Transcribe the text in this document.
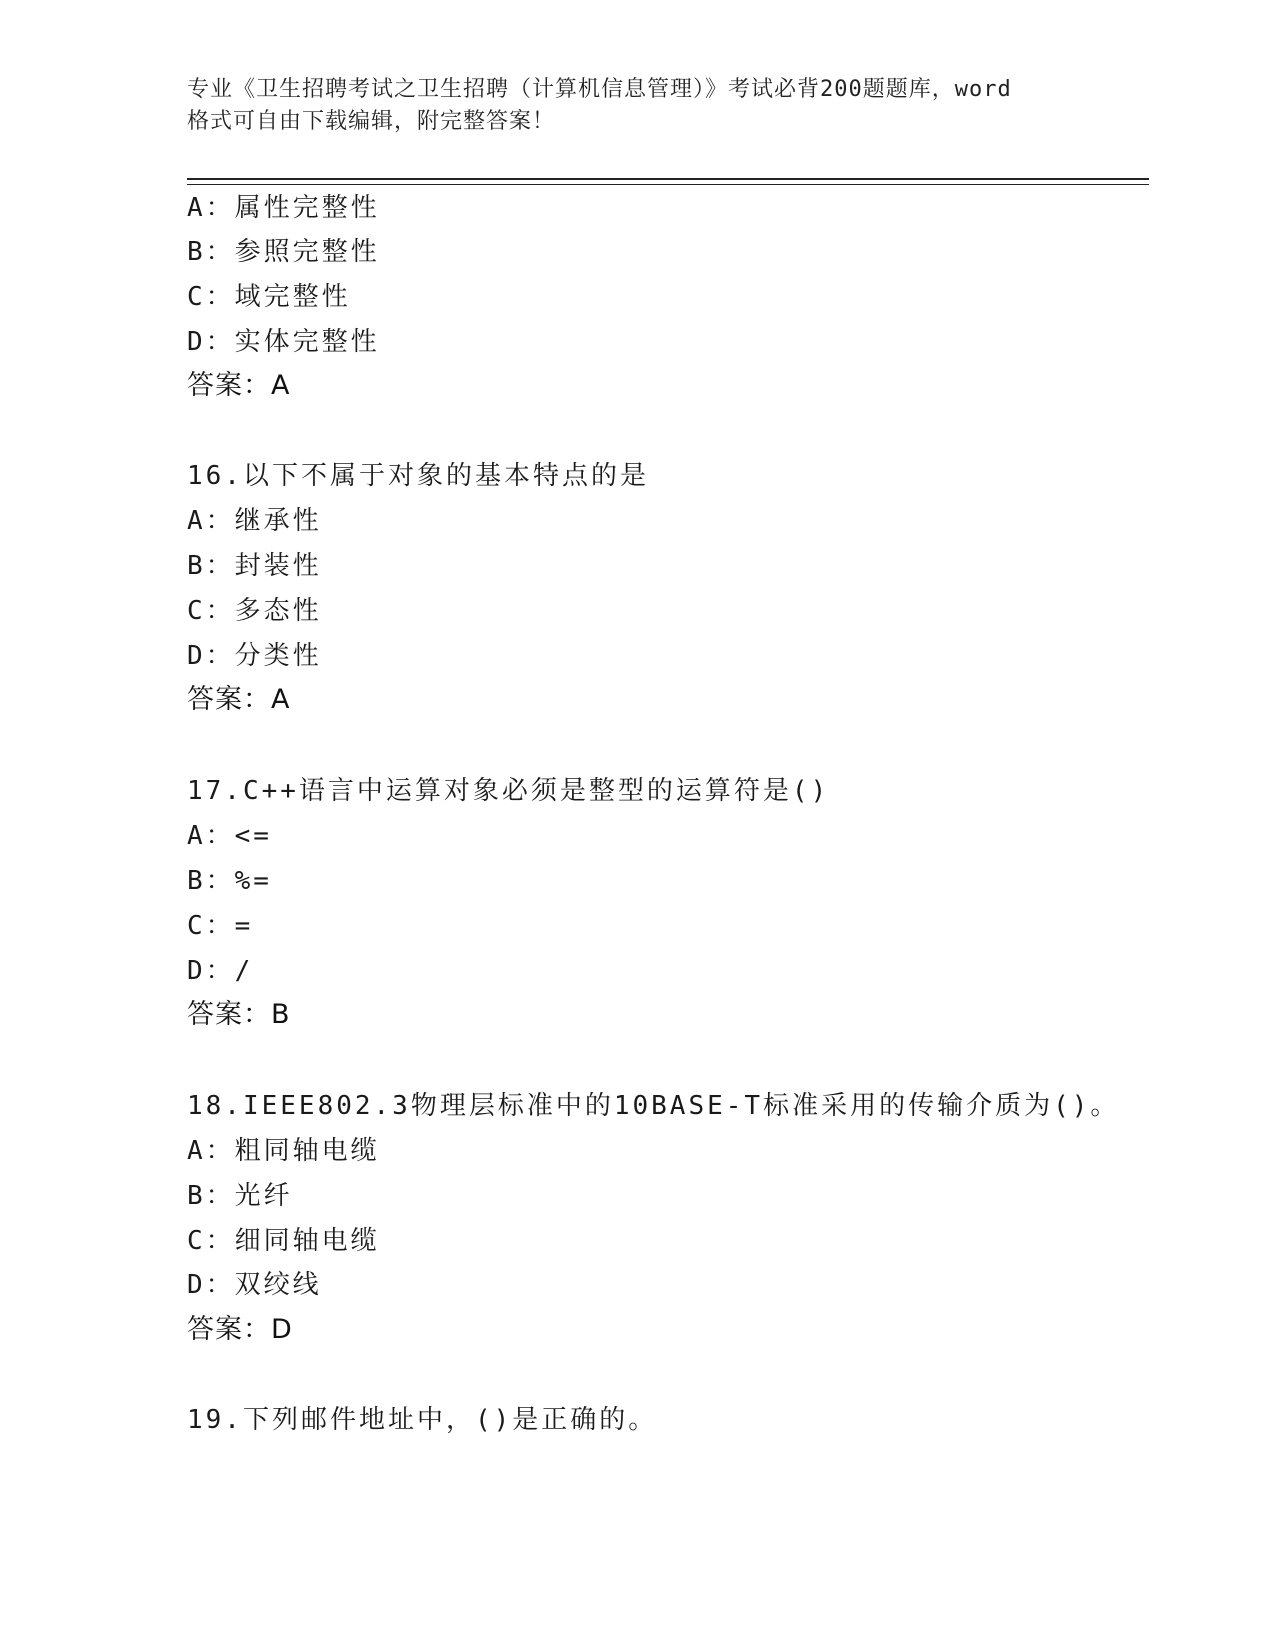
专业《卫生招聘考试之卫生招聘（计算机信息管理）》考试必背200题题库，word
格式可自由下载编辑，附完整答案！
A：属性完整性
B：参照完整性
C：域完整性
D：实体完整性
答案：A
16.以下不属于对象的基本特点的是
A：继承性
B：封装性
C：多态性
D：分类性
答案：A
17.C++语言中运算对象必须是整型的运算符是()
A：<=
B：%=
C：=
D：/
答案：B
18.IEEE802.3物理层标准中的10BASE-T标准采用的传输介质为()。
A：粗同轴电缆
B：光纤
C：细同轴电缆
D：双绞线
答案：D
19.下列邮件地址中，()是正确的。
